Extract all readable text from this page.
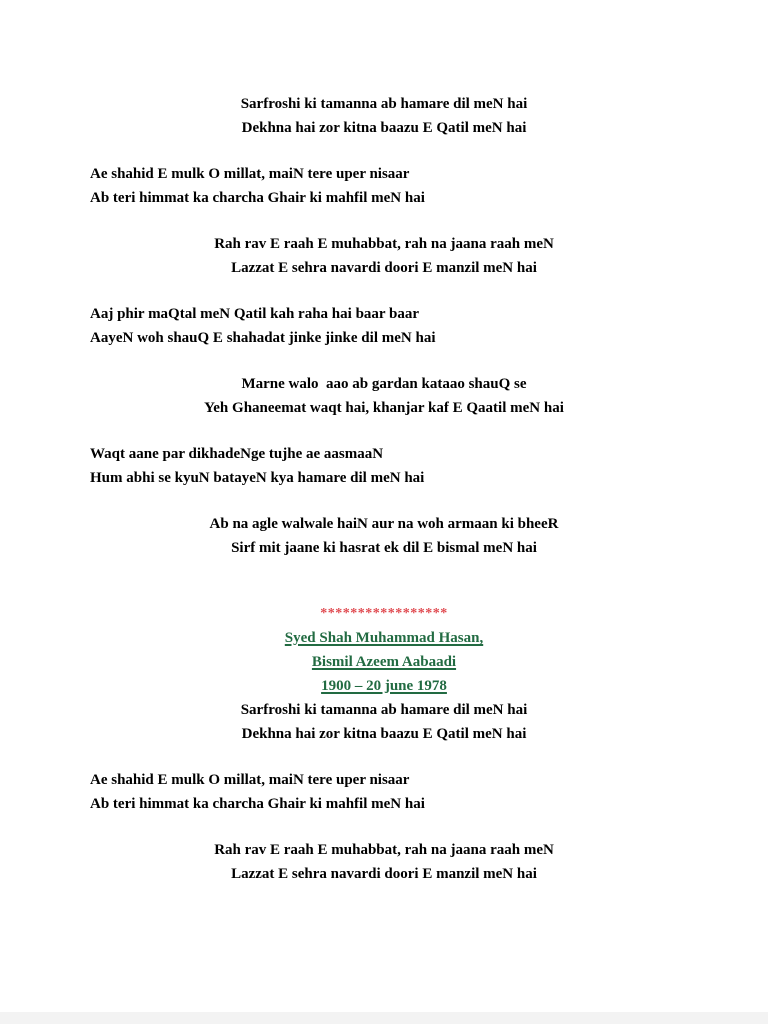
Sarfroshi ki tamanna ab hamare dil meN hai

Dekhna hai zor kitna baazu E Qatil meN hai

Ae shahid E mulk O millat, maiN tere uper nisaar

Ab teri himmat ka charcha Ghair ki mahfil meN hai

Rah rav E raah E muhabbat, rah na jaana raah meN

Lazzat E sehra navardi doori E manzil meN hai

Aaj phir maQtal meN Qatil kah raha hai baar baar

AayeN woh shauQ E shahadat jinke jinke dil meN hai

Marne walo  aao ab gardan kataao shauQ se

Yeh Ghaneemat waqt hai, khanjar kaf E Qaatil meN hai

Waqt aane par dikhadeNge tujhe ae aasmaaN

Hum abhi se kyuN batayeN kya hamare dil meN hai

Ab na agle walwale haiN aur na woh armaan ki bheeR

Sirf mit jaane ki hasrat ek dil E bismal meN hai

*****************

Syed Shah Muhammad Hasan,

Bismil Azeem Aabaadi

1900 – 20 june 1978

Sarfroshi ki tamanna ab hamare dil meN hai

Dekhna hai zor kitna baazu E Qatil meN hai

Ae shahid E mulk O millat, maiN tere uper nisaar

Ab teri himmat ka charcha Ghair ki mahfil meN hai

Rah rav E raah E muhabbat, rah na jaana raah meN

Lazzat E sehra navardi doori E manzil meN hai
